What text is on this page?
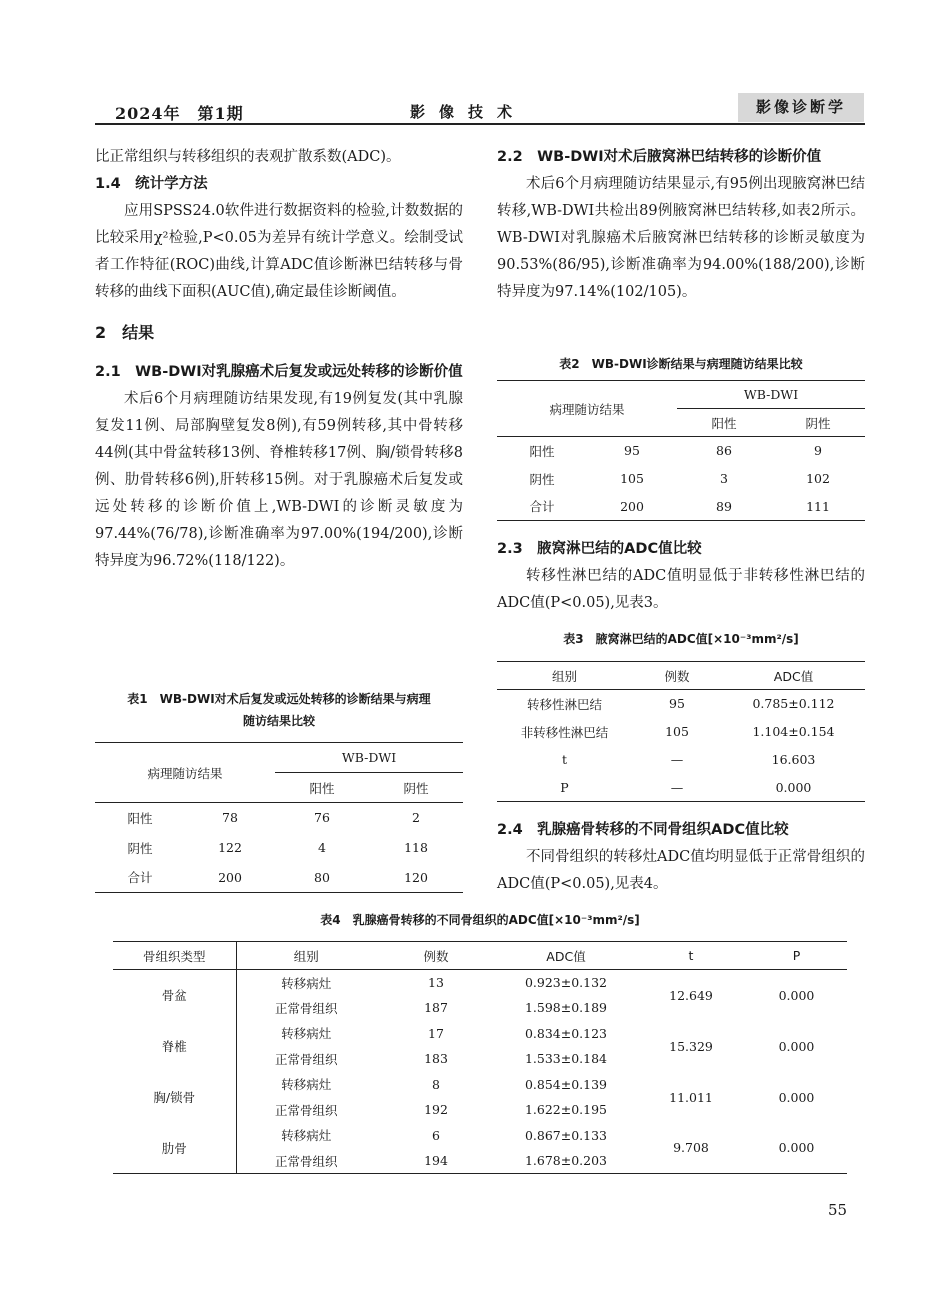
2024年　第1期	影像技术	影像诊断学

比正常组织与转移组织的表观扩散系数(ADC)。

1.4　统计学方法

应用SPSS24.0软件进行数据资料的检验,计数数据的比较采用χ²检验,P<0.05为差异有统计学意义。绘制受试者工作特征(ROC)曲线,计算ADC值诊断淋巴结转移与骨转移的曲线下面积(AUC值),确定最佳诊断阈值。

2　结果

2.1　WB-DWI对乳腺癌术后复发或远处转移的诊断价值

术后6个月病理随访结果发现,有19例复发(其中乳腺复发11例、局部胸壁复发8例),有59例转移,其中骨转移44例(其中骨盆转移13例、脊椎转移17例、胸/锁骨转移8例、肋骨转移6例),肝转移15例。对于乳腺癌术后复发或远处转移的诊断价值上,WB-DWI的诊断灵敏度为97.44%(76/78),诊断准确率为97.00%(194/200),诊断特异度为96.72%(118/122)。

表1　WB-DWI对术后复发或远处转移的诊断结果与病理
随访结果比较
病理随访结果		WB-DWI	
		阳性	阴性
阳性	78	76	2
阴性	122	4	118
合计	200	80	120

2.2　WB-DWI对术后腋窝淋巴结转移的诊断价值

术后6个月病理随访结果显示,有95例出现腋窝淋巴结转移,WB-DWI共检出89例腋窝淋巴结转移,如表2所示。WB-DWI对乳腺癌术后腋窝淋巴结转移的诊断灵敏度为90.53%(86/95),诊断准确率为94.00%(188/200),诊断特异度为97.14%(102/105)。

表2　WB-DWI诊断结果与病理随访结果比较
病理随访结果		WB-DWI	
		阳性	阴性
阳性	95	86	9
阴性	105	3	102
合计	200	89	111

2.3　腋窝淋巴结的ADC值比较

转移性淋巴结的ADC值明显低于非转移性淋巴结的ADC值(P<0.05),见表3。

表3　腋窝淋巴结的ADC值[×10⁻³mm²/s]
组别	例数	ADC值
转移性淋巴结	95	0.785±0.112
非转移性淋巴结	105	1.104±0.154
t	—	16.603
P	—	0.000

2.4　乳腺癌骨转移的不同骨组织ADC值比较

不同骨组织的转移灶ADC值均明显低于正常骨组织的ADC值(P<0.05),见表4。

表4　乳腺癌骨转移的不同骨组织的ADC值[×10⁻³mm²/s]
骨组织类型	组别	例数	ADC值	t	P
骨盆	转移病灶	13	0.923±0.132	12.649	0.000
	正常骨组织	187	1.598±0.189		
脊椎	转移病灶	17	0.834±0.123	15.329	0.000
	正常骨组织	183	1.533±0.184		
胸/锁骨	转移病灶	8	0.854±0.139	11.011	0.000
	正常骨组织	192	1.622±0.195		
肋骨	转移病灶	6	0.867±0.133	9.708	0.000
	正常骨组织	194	1.678±0.203		
55
